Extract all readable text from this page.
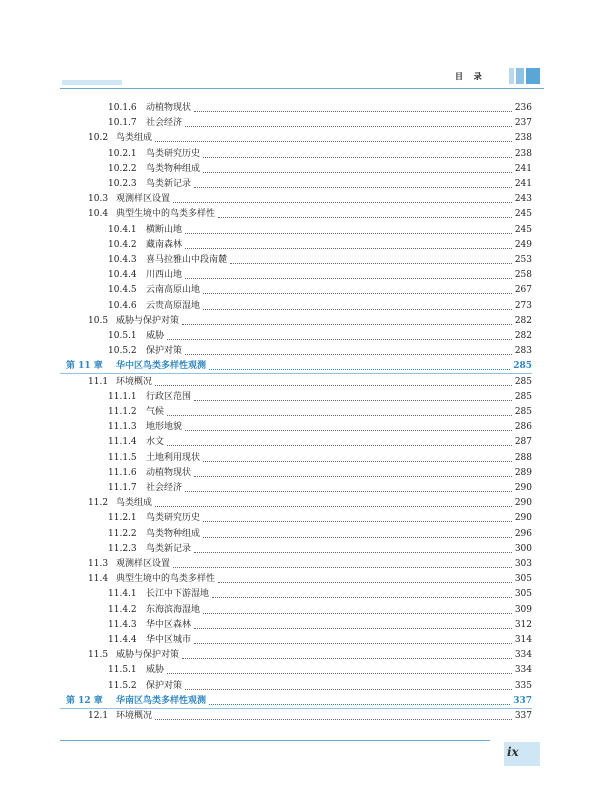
目 录
10.1.6 动植物现状	236
10.1.7 社会经济	237
10.2 鸟类组成	238
10.2.1 鸟类研究历史	238
10.2.2 鸟类物种组成	241
10.2.3 鸟类新记录	241
10.3 观测样区设置	243
10.4 典型生境中的鸟类多样性	245
10.4.1 横断山地	245
10.4.2 藏南森林	249
10.4.3 喜马拉雅山中段南麓	253
10.4.4 川西山地	258
10.4.5 云南高原山地	267
10.4.6 云贵高原湿地	273
10.5 威胁与保护对策	282
10.5.1 威胁	282
10.5.2 保护对策	283
第 11 章 华中区鸟类多样性观测	285
11.1 环境概况	285
11.1.1 行政区范围	285
11.1.2 气候	285
11.1.3 地形地貌	286
11.1.4 水文	287
11.1.5 土地利用现状	288
11.1.6 动植物现状	289
11.1.7 社会经济	290
11.2 鸟类组成	290
11.2.1 鸟类研究历史	290
11.2.2 鸟类物种组成	296
11.2.3 鸟类新记录	300
11.3 观测样区设置	303
11.4 典型生境中的鸟类多样性	305
11.4.1 长江中下游湿地	305
11.4.2 东海滨海湿地	309
11.4.3 华中区森林	312
11.4.4 华中区城市	314
11.5 威胁与保护对策	334
11.5.1 威胁	334
11.5.2 保护对策	335
第 12 章 华南区鸟类多样性观测	337
12.1 环境概况	337
ix
